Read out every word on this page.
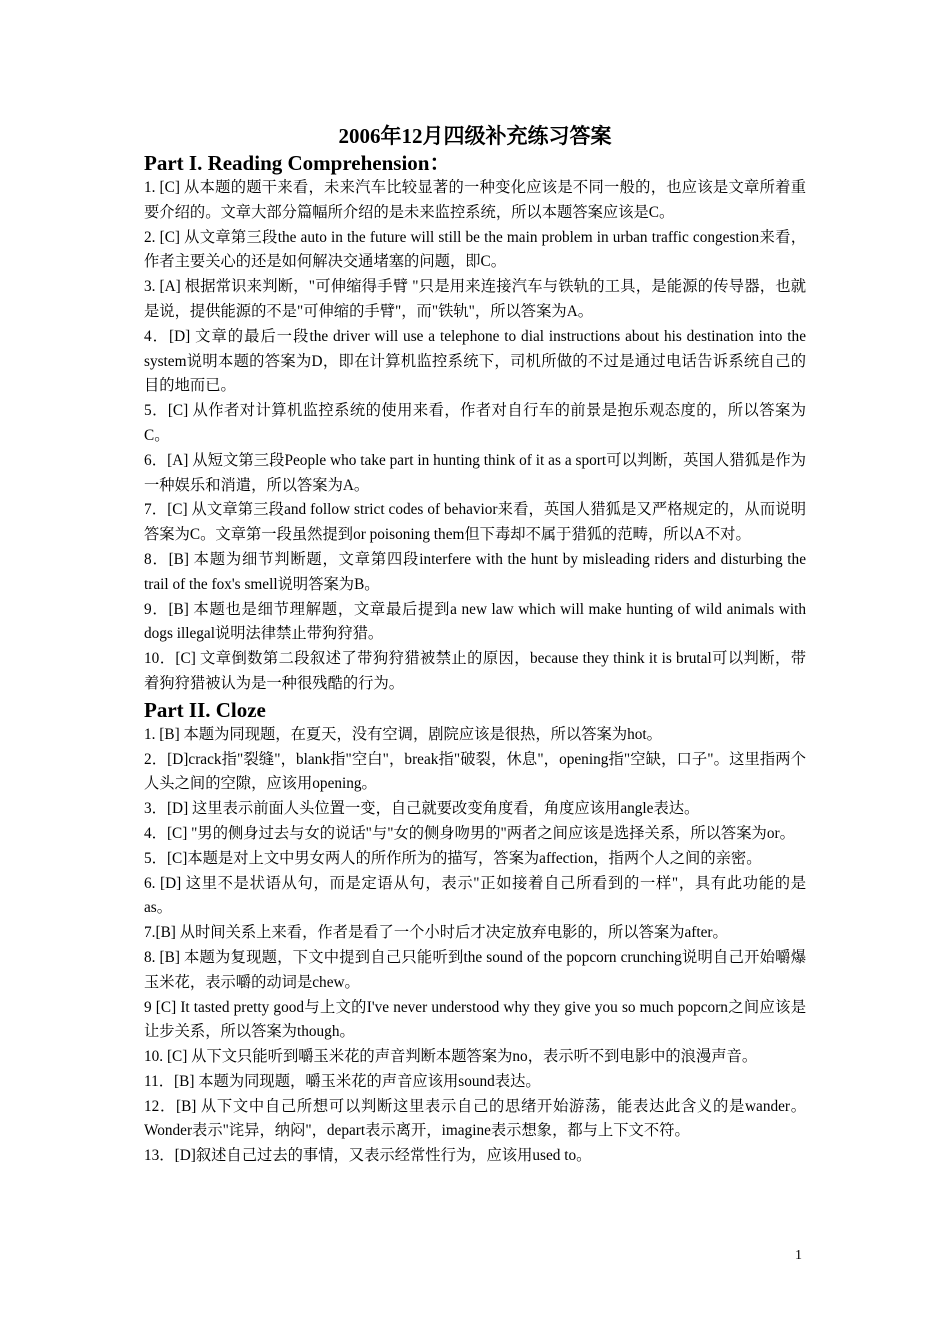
2006年12月四级补充练习答案
Part I. Reading Comprehension：

1. [C] 从本题的题干来看，未来汽车比较显著的一种变化应该是不同一般的，也应该是文章所着重要介绍的。文章大部分篇幅所介绍的是未来监控系统，所以本题答案应该是C。

2. [C] 从文章第三段the auto in the future will still be the main problem in urban traffic congestion来看，作者主要关心的还是如何解决交通堵塞的问题，即C。

3. [A] 根据常识来判断，"可伸缩得手臂 "只是用来连接汽车与铁轨的工具，是能源的传导器，也就是说，提供能源的不是"可伸缩的手臂"，而"铁轨"，所以答案为A。

4．[D] 文章的最后一段the driver will use a telephone to dial instructions about his destination into the system说明本题的答案为D，即在计算机监控系统下，司机所做的不过是通过电话告诉系统自己的目的地而已。

5．[C] 从作者对计算机监控系统的使用来看，作者对自行车的前景是抱乐观态度的，所以答案为C。

6．[A] 从短文第三段People who take part in hunting think of it as a sport可以判断，英国人猎狐是作为一种娱乐和消遣，所以答案为A。

7．[C] 从文章第三段and follow strict codes of behavior来看，英国人猎狐是又严格规定的，从而说明答案为C。文章第一段虽然提到or poisoning them但下毒却不属于猎狐的范畴，所以A不对。

8．[B] 本题为细节判断题，文章第四段interfere with the hunt by misleading riders and disturbing the trail of the fox's smell说明答案为B。

9．[B] 本题也是细节理解题，文章最后提到a new law which will make hunting of wild animals with dogs illegal说明法律禁止带狗狩猎。

10．[C] 文章倒数第二段叙述了带狗狩猎被禁止的原因，because they think it is brutal可以判断，带着狗狩猎被认为是一种很残酷的行为。

Part II. Cloze

1. [B] 本题为同现题，在夏天，没有空调，剧院应该是很热，所以答案为hot。

2．[D]crack指"裂缝"，blank指"空白"，break指"破裂，休息"，opening指"空缺，口子"。这里指两个人头之间的空隙，应该用opening。

3．[D] 这里表示前面人头位置一变，自己就要改变角度看，角度应该用angle表达。

4．[C] "男的侧身过去与女的说话"与"女的侧身吻男的"两者之间应该是选择关系，所以答案为or。

5．[C]本题是对上文中男女两人的所作所为的描写，答案为affection，指两个人之间的亲密。

6. [D] 这里不是状语从句，而是定语从句，表示"正如接着自己所看到的一样"，具有此功能的是as。

7.[B] 从时间关系上来看，作者是看了一个小时后才决定放弃电影的，所以答案为after。

8. [B] 本题为复现题，下文中提到自己只能听到the sound of the popcorn crunching说明自己开始嚼爆玉米花，表示嚼的动词是chew。

9 [C] It tasted pretty good与上文的I've never understood why they give you so much popcorn之间应该是让步关系，所以答案为though。

10. [C] 从下文只能听到嚼玉米花的声音判断本题答案为no，表示听不到电影中的浪漫声音。

11．[B] 本题为同现题，嚼玉米花的声音应该用sound表达。

12．[B] 从下文中自己所想可以判断这里表示自己的思绪开始游荡，能表达此含义的是wander。Wonder表示"诧异，纳闷"，depart表示离开，imagine表示想象，都与上下文不符。

13．[D]叙述自己过去的事情，又表示经常性行为，应该用used to。

1
